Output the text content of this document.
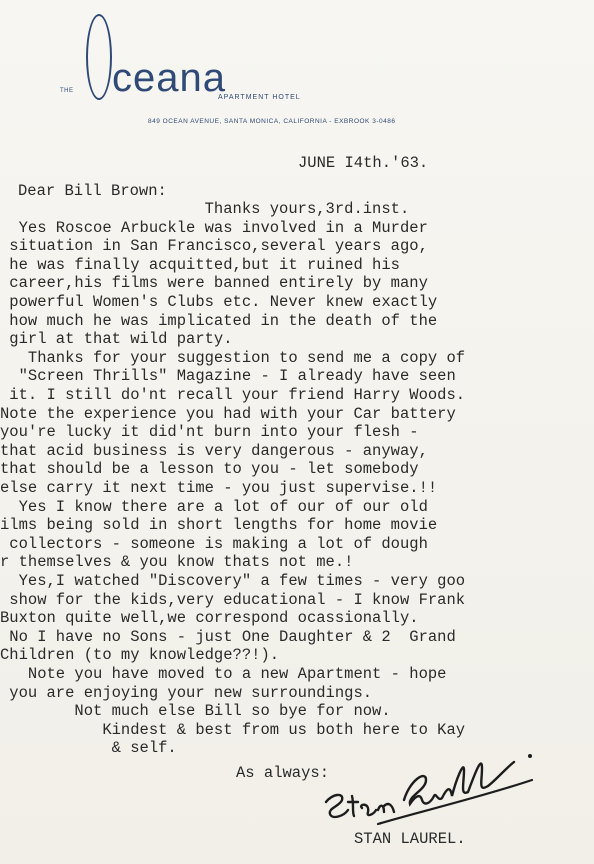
THE ceana
APARTMENT HOTEL
849 OCEAN AVENUE, SANTA MONICA, CALIFORNIA - EXBROOK 3-0486
JUNE I4th.'63.
Dear Bill Brown:
Thanks yours,3rd.inst.
Yes Roscoe Arbuckle was involved in a Murder
situation in San Francisco,several years ago,
he was finally acquitted,but it ruined his
career,his films were banned entirely by many
powerful Women's Clubs etc. Never knew exactly
how much he was implicated in the death of the
girl at that wild party.
Thanks for your suggestion to send me a copy of
"Screen Thrills" Magazine - I already have seen
it. I still do'nt recall your friend Harry Woods.
Note the experience you had with your Car battery
you're lucky it did'nt burn into your flesh -
that acid business is very dangerous - anyway,
that should be a lesson to you - let somebody
else carry it next time - you just supervise.!!
Yes I know there are a lot of our of our old
ilms being sold in short lengths for home movie
collectors - someone is making a lot of dough
r themselves & you know thats not me.!
Yes,I watched "Discovery" a few times - very goo
show for the kids,very educational - I know Frank
Buxton quite well,we correspond ocassionally.
No I have no Sons - just One Daughter & 2  Grand
Children (to my knowledge??!).
Note you have moved to a new Apartment - hope
you are enjoying your new surroundings.
Not much else Bill so bye for now.
Kindest & best from us both here to Kay
& self.
As always:
STAN LAUREL.
